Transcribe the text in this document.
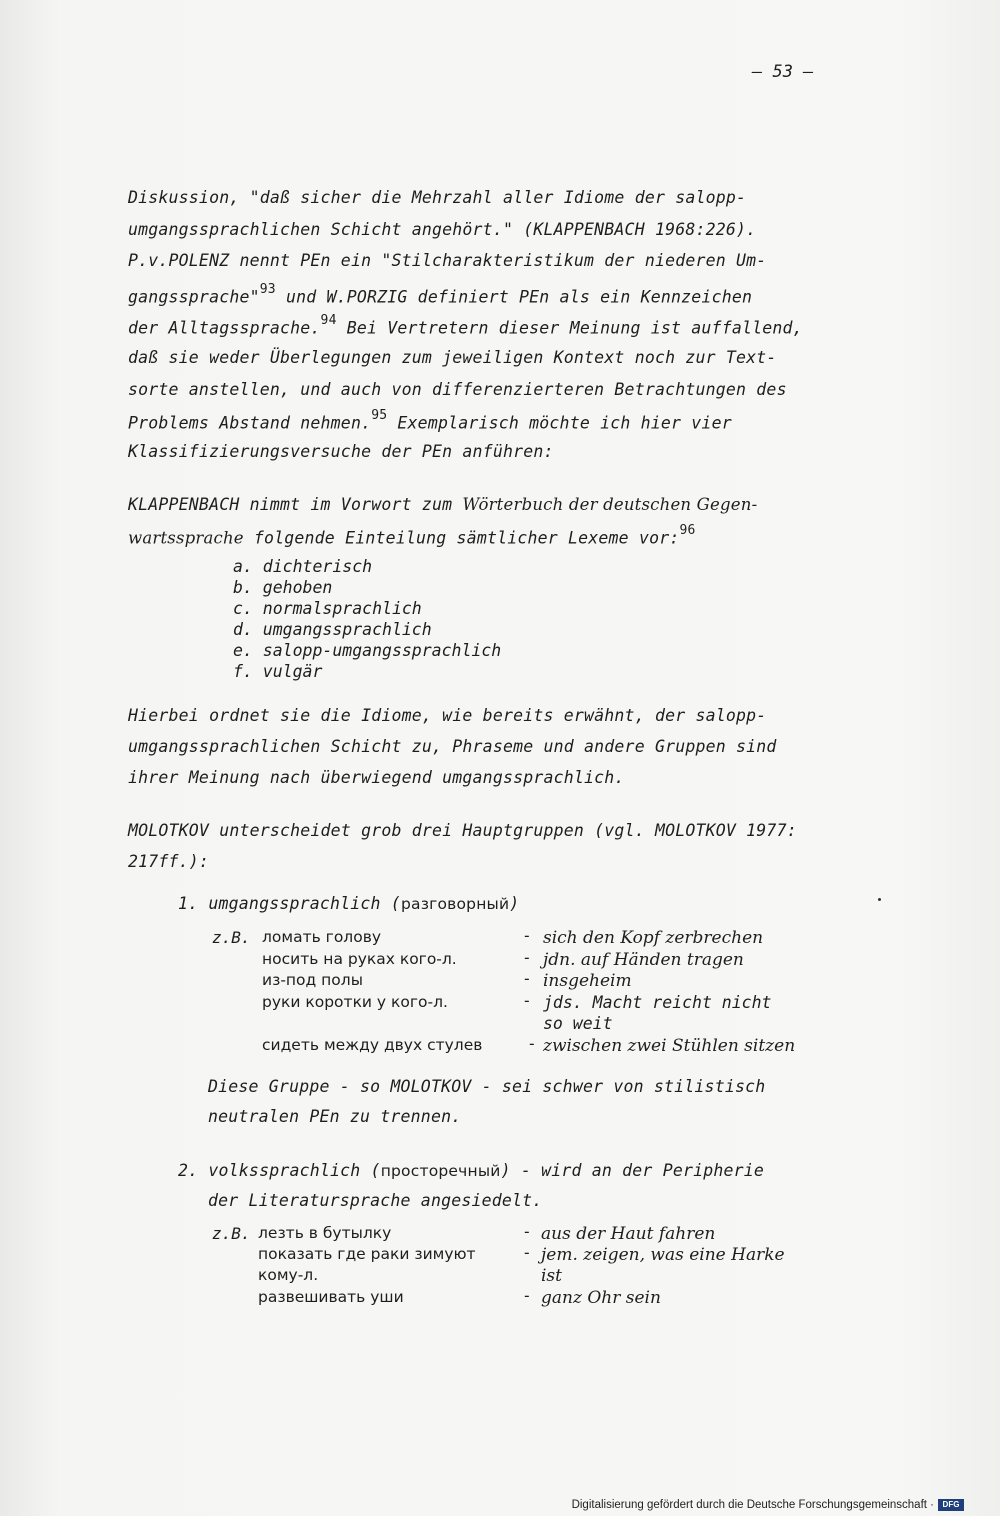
– 53 –
Diskussion, "daß sicher die Mehrzahl aller Idiome der salopp-
umgangssprachlichen Schicht angehört." (KLAPPENBACH 1968:226).
P.v.POLENZ nennt PEn ein "Stilcharakteristikum der niederen Um-
gangssprache"$^{93}$ und W.PORZIG definiert PEn als ein Kennzeichen
der Alltagssprache.$^{94}$ Bei Vertretern dieser Meinung ist auffallend,
daß sie weder Überlegungen zum jeweiligen Kontext noch zur Text-
sorte anstellen, und auch von differenzierteren Betrachtungen des
Problems Abstand nehmen.$^{95}$ Exemplarisch möchte ich hier vier
Klassifizierungsversuche der PEn anführen:
KLAPPENBACH nimmt im Vorwort zum Wörterbuch der deutschen Gegen-
wartssprache folgende Einteilung sämtlicher Lexeme vor:$^{96}$
a. dichterisch
b. gehoben
c. normalsprachlich
d. umgangssprachlich
e. salopp-umgangssprachlich
f. vulgär
Hierbei ordnet sie die Idiome, wie bereits erwähnt, der salopp-
umgangssprachlichen Schicht zu, Phraseme und andere Gruppen sind
ihrer Meinung nach überwiegend umgangssprachlich.
MOLOTKOV unterscheidet grob drei Hauptgruppen (vgl. MOLOTKOV 1977:
217ff.):
1. umgangssprachlich (разговорный)
z.B. ломать голову	- sich den Kopf zerbrechen
носить на руках кого-л.	- jdn. auf Händen tragen
из-под полы	- insgeheim
руки коротки у кого-л.	- jds. Macht reicht nicht
so weit
сидеть между двух стулев	- zwischen zwei Stühlen sitzen
Diese Gruppe - so MOLOTKOV - sei schwer von stilistisch
neutralen PEn zu trennen.
2. volkssprachlich (просторечный) - wird an der Peripherie
der Literatursprache angesiedelt.
z.B. лезть в бутылку	- aus der Haut fahren
показать где раки зимуют	- jem. zeigen, was eine Harke
кому-л.	ist
развешивать уши	- ganz Ohr sein
Digitalisierung gefördert durch die Deutsche Forschungsgemeinschaft ·	DFG
